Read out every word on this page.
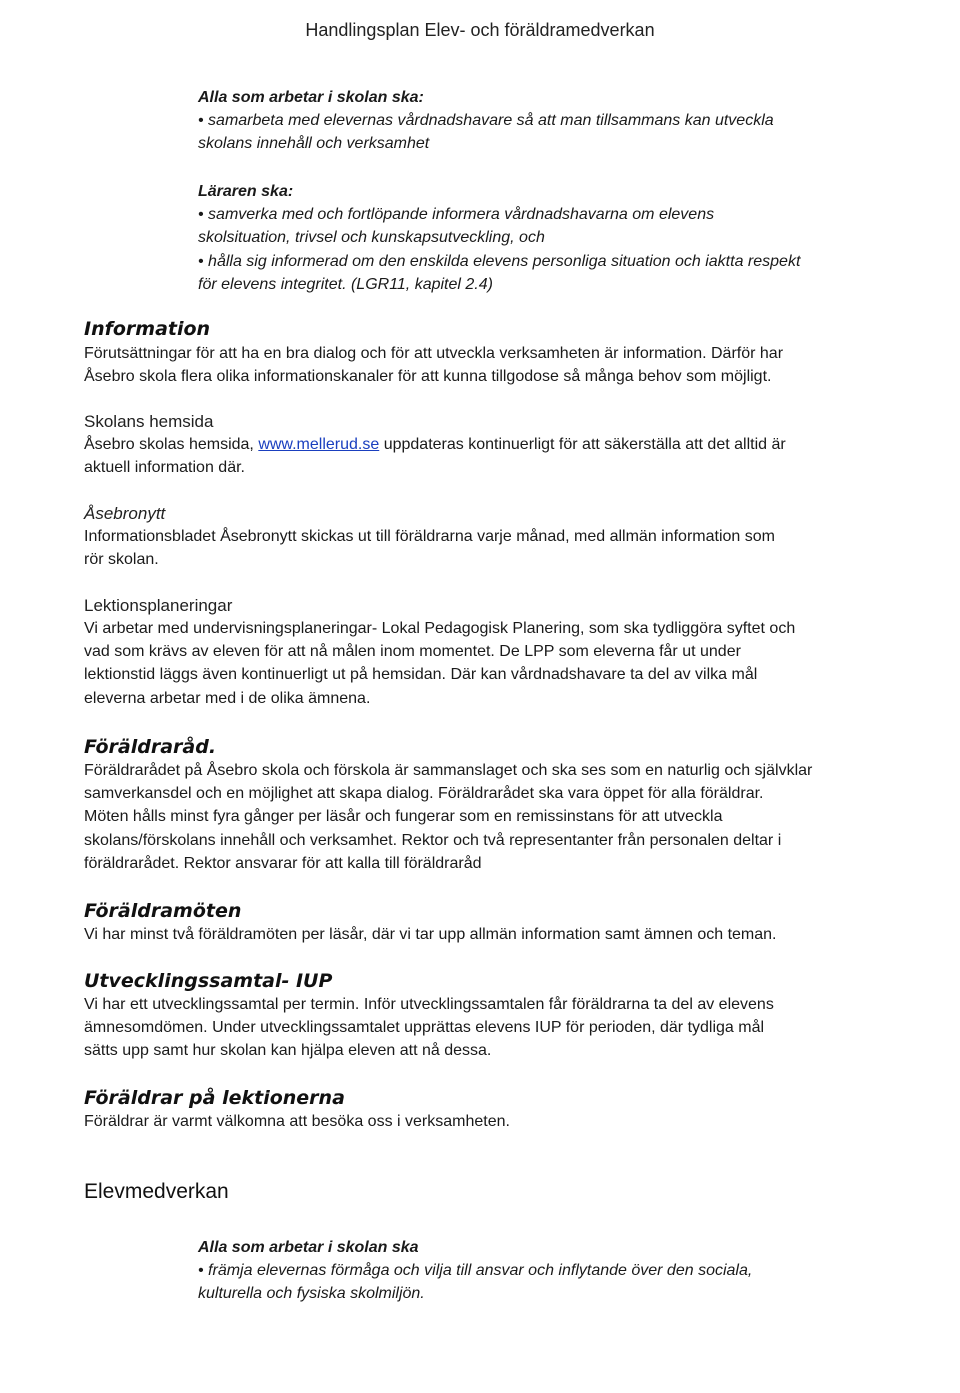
Handlingsplan Elev- och föräldramedverkan

Alla som arbetar i skolan ska:

• samarbeta med elevernas vårdnadshavare så att man tillsammans kan utveckla

skolans innehåll och verksamhet

Läraren ska:

• samverka med och fortlöpande informera vårdnadshavarna om elevens

skolsituation, trivsel och kunskapsutveckling, och

• hålla sig informerad om den enskilda elevens personliga situation och iaktta respekt

för elevens integritet. (LGR11, kapitel 2.4)

Information

Förutsättningar för att ha en bra dialog och för att utveckla verksamheten är information. Därför har

Åsebro skola flera olika informationskanaler för att kunna tillgodose så många behov som möjligt.

Skolans hemsida

Åsebro skolas hemsida, www.mellerud.se uppdateras kontinuerligt för att säkerställa att det alltid är

aktuell information där.

Åsebronytt

Informationsbladet Åsebronytt skickas ut till föräldrarna varje månad, med allmän information som

rör skolan.

Lektionsplaneringar

Vi arbetar med undervisningsplaneringar- Lokal Pedagogisk Planering, som ska tydliggöra syftet och

vad som krävs av eleven för att nå målen inom momentet. De LPP som eleverna får ut under

lektionstid läggs även kontinuerligt ut på hemsidan. Där kan vårdnadshavare ta del av vilka mål

eleverna arbetar med i de olika ämnena.

Föräldraråd.

Föräldrarådet på Åsebro skola och förskola är sammanslaget och ska ses som en naturlig och självklar

samverkansdel och en möjlighet att skapa dialog. Föräldrarådet ska vara öppet för alla föräldrar.

Möten hålls minst fyra gånger per läsår och fungerar som en remissinstans för att utveckla

skolans/förskolans innehåll och verksamhet. Rektor och två representanter från personalen deltar i

föräldrarådet. Rektor ansvarar för att kalla till föräldraråd

Föräldramöten

Vi har minst två föräldramöten per läsår, där vi tar upp allmän information samt ämnen och teman.

Utvecklingssamtal- IUP

Vi har ett utvecklingssamtal per termin. Inför utvecklingssamtalen får föräldrarna ta del av elevens

ämnesomdömen. Under utvecklingssamtalet upprättas elevens IUP för perioden, där tydliga mål

sätts upp samt hur skolan kan hjälpa eleven att nå dessa.

Föräldrar på lektionerna

Föräldrar är varmt välkomna att besöka oss i verksamheten.

Elevmedverkan

Alla som arbetar i skolan ska

• främja elevernas förmåga och vilja till ansvar och inflytande över den sociala,

kulturella och fysiska skolmiljön.
